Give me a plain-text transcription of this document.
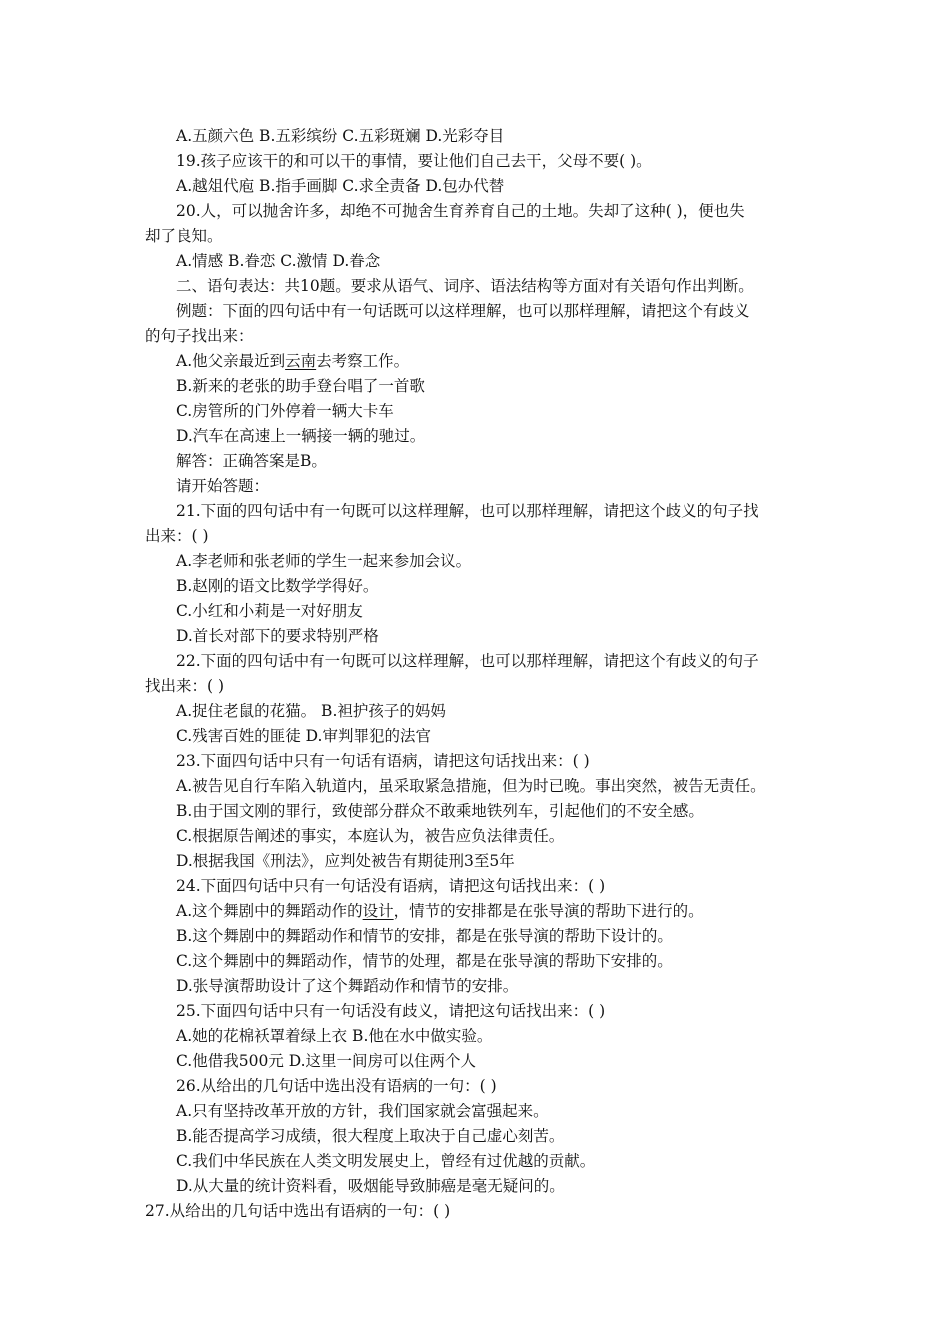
A.五颜六色 B.五彩缤纷 C.五彩斑斓 D.光彩夺目
19.孩子应该干的和可以干的事情，要让他们自己去干，父母不要( )。
A.越俎代庖 B.指手画脚 C.求全责备 D.包办代替
20.人，可以抛舍许多，却绝不可抛舍生育养育自己的土地。失却了这种( )，便也失
却了良知。
A.情感 B.眷恋 C.激情 D.眷念
二、语句表达：共10题。要求从语气、词序、语法结构等方面对有关语句作出判断。
例题：下面的四句话中有一句话既可以这样理解，也可以那样理解，请把这个有歧义
的句子找出来：
A.他父亲最近到云南去考察工作。
B.新来的老张的助手登台唱了一首歌
C.房管所的门外停着一辆大卡车
D.汽车在高速上一辆接一辆的驰过。
解答：正确答案是B。
请开始答题：
21.下面的四句话中有一句既可以这样理解，也可以那样理解，请把这个歧义的句子找
出来：( )
A.李老师和张老师的学生一起来参加会议。
B.赵刚的语文比数学学得好。
C.小红和小莉是一对好朋友
D.首长对部下的要求特别严格
22.下面的四句话中有一句既可以这样理解，也可以那样理解，请把这个有歧义的句子
找出来：( )
A.捉住老鼠的花猫。 B.袒护孩子的妈妈
C.残害百姓的匪徒 D.审判罪犯的法官
23.下面四句话中只有一句话有语病，请把这句话找出来：( )
A.被告见自行车陷入轨道内，虽采取紧急措施，但为时已晚。事出突然，被告无责任。
B.由于国文刚的罪行，致使部分群众不敢乘地铁列车，引起他们的不安全感。
C.根据原告阐述的事实，本庭认为，被告应负法律责任。
D.根据我国《刑法》，应判处被告有期徒刑3至5年
24.下面四句话中只有一句话没有语病，请把这句话找出来：( )
A.这个舞剧中的舞蹈动作的设计，情节的安排都是在张导演的帮助下进行的。
B.这个舞剧中的舞蹈动作和情节的安排，都是在张导演的帮助下设计的。
C.这个舞剧中的舞蹈动作，情节的处理，都是在张导演的帮助下安排的。
D.张导演帮助设计了这个舞蹈动作和情节的安排。
25.下面四句话中只有一句话没有歧义，请把这句话找出来：( )
A.她的花棉袄罩着绿上衣 B.他在水中做实验。
C.他借我500元 D.这里一间房可以住两个人
26.从给出的几句话中选出没有语病的一句：( )
A.只有坚持改革开放的方针，我们国家就会富强起来。
B.能否提高学习成绩，很大程度上取决于自己虚心刻苦。
C.我们中华民族在人类文明发展史上，曾经有过优越的贡献。
D.从大量的统计资料看，吸烟能导致肺癌是毫无疑问的。
27.从给出的几句话中选出有语病的一句：( )
